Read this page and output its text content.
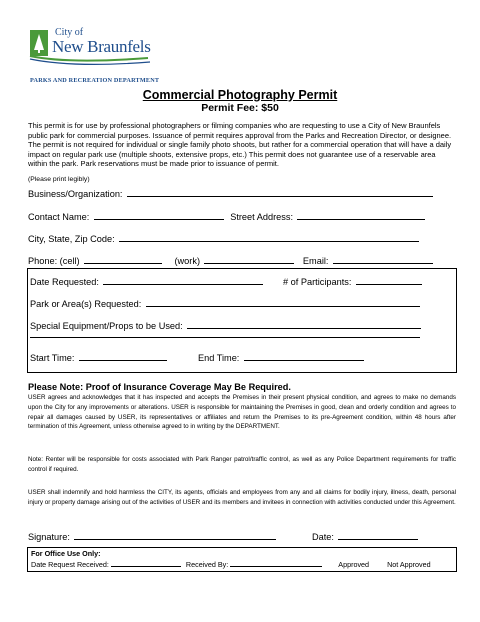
City of
New Braunfels
PARKS AND RECREATION DEPARTMENT
Commercial Photography Permit
Permit Fee: $50
This permit is for use by professional photographers or filming companies who are requesting to use a City of New Braunfels public park for commercial purposes. Issuance of permit requires approval from the Parks and Recreation Director, or designee. The permit is not required for individual or single family photo shoots, but rather for a commercial operation that will have a daily impact on regular park use (multiple shoots, extensive props, etc.) This permit does not guarantee use of a reservable area within the park. Park reservations must be made prior to issuance of permit.
(Please print legibly)
Business/Organization:
Contact Name:	Street Address:
City, State, Zip Code:
Phone: (cell)	(work)	Email:
Date Requested:	# of Participants:
Park or Area(s) Requested:
Special Equipment/Props to be Used:
Start Time:	End Time:
Please Note: Proof of Insurance Coverage May Be Required.
USER agrees and acknowledges that it has inspected and accepts the Premises in their present physical condition, and agrees to make no demands upon the City for any improvements or alterations. USER is responsible for maintaining the Premises in good, clean and orderly condition and agrees to repair all damages caused by USER, its representatives or affiliates and return the Premises to its pre-Agreement condition, within 48 hours after termination of this Agreement, unless otherwise agreed to in writing by the DEPARTMENT.
Note: Renter will be responsible for costs associated with Park Ranger patrol/traffic control, as well as any Police Department requirements for traffic control if required.
USER shall indemnify and hold harmless the CITY, its agents, officials and employees from any and all claims for bodily injury, illness, death, personal injury or property damage arising out of the activities of USER and its members and invitees in connection with activities conducted under this Agreement.
Signature:	Date:
For Office Use Only:
Date Request Received:	Received By:	Approved	Not Approved
